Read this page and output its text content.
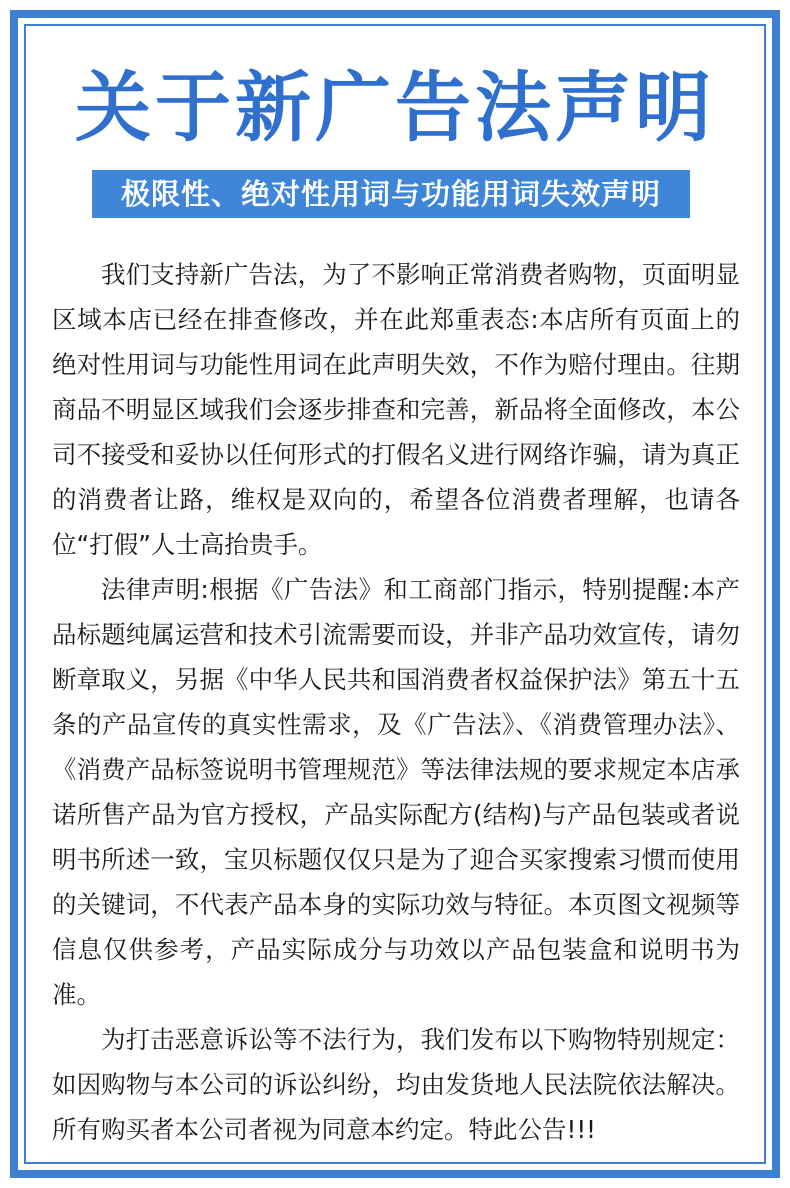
关于新广告法声明
极限性、绝对性用词与功能用词失效声明

我们支持新广告法，为了不影响正常消费者购物，页面明显区域本店已经在排查修改，并在此郑重表态:本店所有页面上的绝对性用词与功能性用词在此声明失效，不作为赔付理由。往期商品不明显区域我们会逐步排查和完善，新品将全面修改，本公司不接受和妥协以任何形式的打假名义进行网络诈骗，请为真正的消费者让路，维权是双向的，希望各位消费者理解，也请各位“打假”人士高抬贵手。

法律声明:根据《广告法》和工商部门指示，特别提醒:本产品标题纯属运营和技术引流需要而设，并非产品功效宣传，请勿断章取义，另据《中华人民共和国消费者权益保护法》第五十五条的产品宣传的真实性需求，及《广告法》、《消费管理办法》、《消费产品标签说明书管理规范》等法律法规的要求规定本店承诺所售产品为官方授权，产品实际配方(结构)与产品包装或者说明书所述一致，宝贝标题仅仅只是为了迎合买家搜索习惯而使用的关键词，不代表产品本身的实际功效与特征。本页图文视频等信息仅供参考，产品实际成分与功效以产品包装盒和说明书为准。

为打击恶意诉讼等不法行为，我们发布以下购物特别规定：如因购物与本公司的诉讼纠纷，均由发货地人民法院依法解决。所有购买者本公司者视为同意本约定。特此公告!!!
